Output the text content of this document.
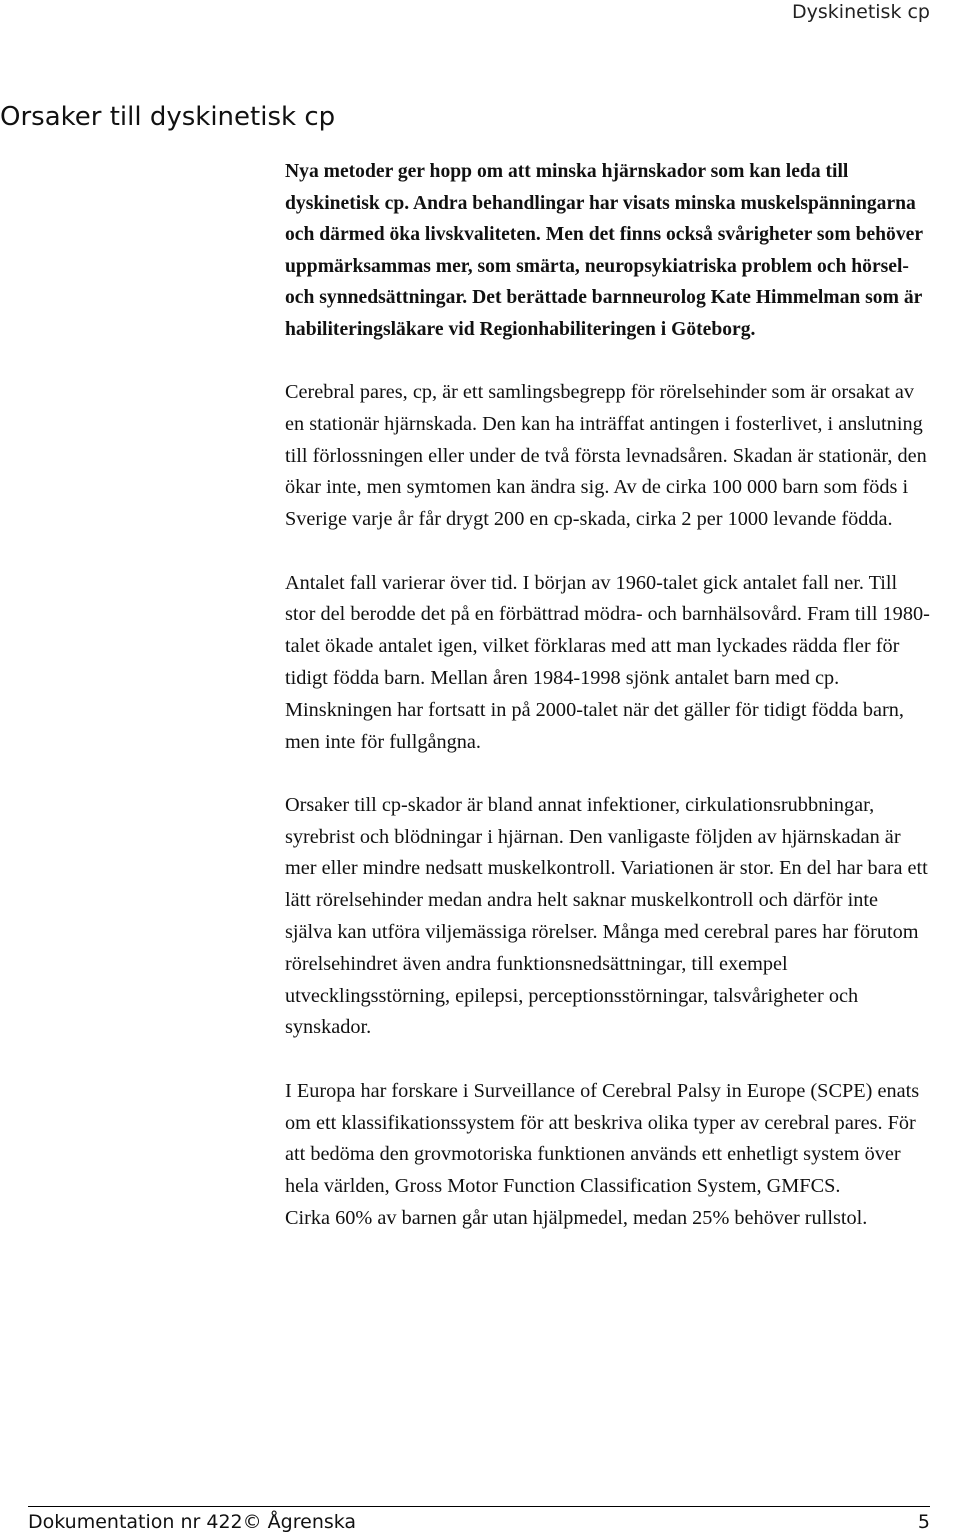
Dyskinetisk cp
Orsaker till dyskinetisk cp

Nya metoder ger hopp om att minska hjärnskador som kan leda till dyskinetisk cp. Andra behandlingar har visats minska muskelspänningarna och därmed öka livskvaliteten. Men det finns också svårigheter som behöver uppmärksammas mer, som smärta, neuropsykiatriska problem och hörsel- och synnedsättningar. Det berättade barnneurolog Kate Himmelman som är habiliteringsläkare vid Regionhabiliteringen i Göteborg.

Cerebral pares, cp, är ett samlingsbegrepp för rörelsehinder som är orsakat av en stationär hjärnskada. Den kan ha inträffat antingen i fosterlivet, i anslutning till förlossningen eller under de två första levnadsåren. Skadan är stationär, den ökar inte, men symtomen kan ändra sig. Av de cirka 100 000 barn som föds i Sverige varje år får drygt 200 en cp-skada, cirka 2 per 1000 levande födda.

Antalet fall varierar över tid. I början av 1960-talet gick antalet fall ner. Till stor del berodde det på en förbättrad mödra- och barnhälsovård. Fram till 1980-talet ökade antalet igen, vilket förklaras med att man lyckades rädda fler för tidigt födda barn. Mellan åren 1984-1998 sjönk antalet barn med cp. Minskningen har fortsatt in på 2000-talet när det gäller för tidigt födda barn, men inte för fullgångna.

Orsaker till cp-skador är bland annat infektioner, cirkulationsrubbningar, syrebrist och blödningar i hjärnan. Den vanligaste följden av hjärnskadan är mer eller mindre nedsatt muskelkontroll. Variationen är stor. En del har bara ett lätt rörelsehinder medan andra helt saknar muskelkontroll och därför inte själva kan utföra viljemässiga rörelser. Många med cerebral pares har förutom rörelsehindret även andra funktionsnedsättningar, till exempel utvecklingsstörning, epilepsi, perceptionsstörningar, talsvårigheter och synskador.

I Europa har forskare i Surveillance of Cerebral Palsy in Europe (SCPE) enats om ett klassifikationssystem för att beskriva olika typer av cerebral pares. För att bedöma den grovmotoriska funktionen används ett enhetligt system över hela världen, Gross Motor Function Classification System, GMFCS.

Cirka 60% av barnen går utan hjälpmedel, medan 25% behöver rullstol.

Dokumentation nr 422© Ågrenska	5
